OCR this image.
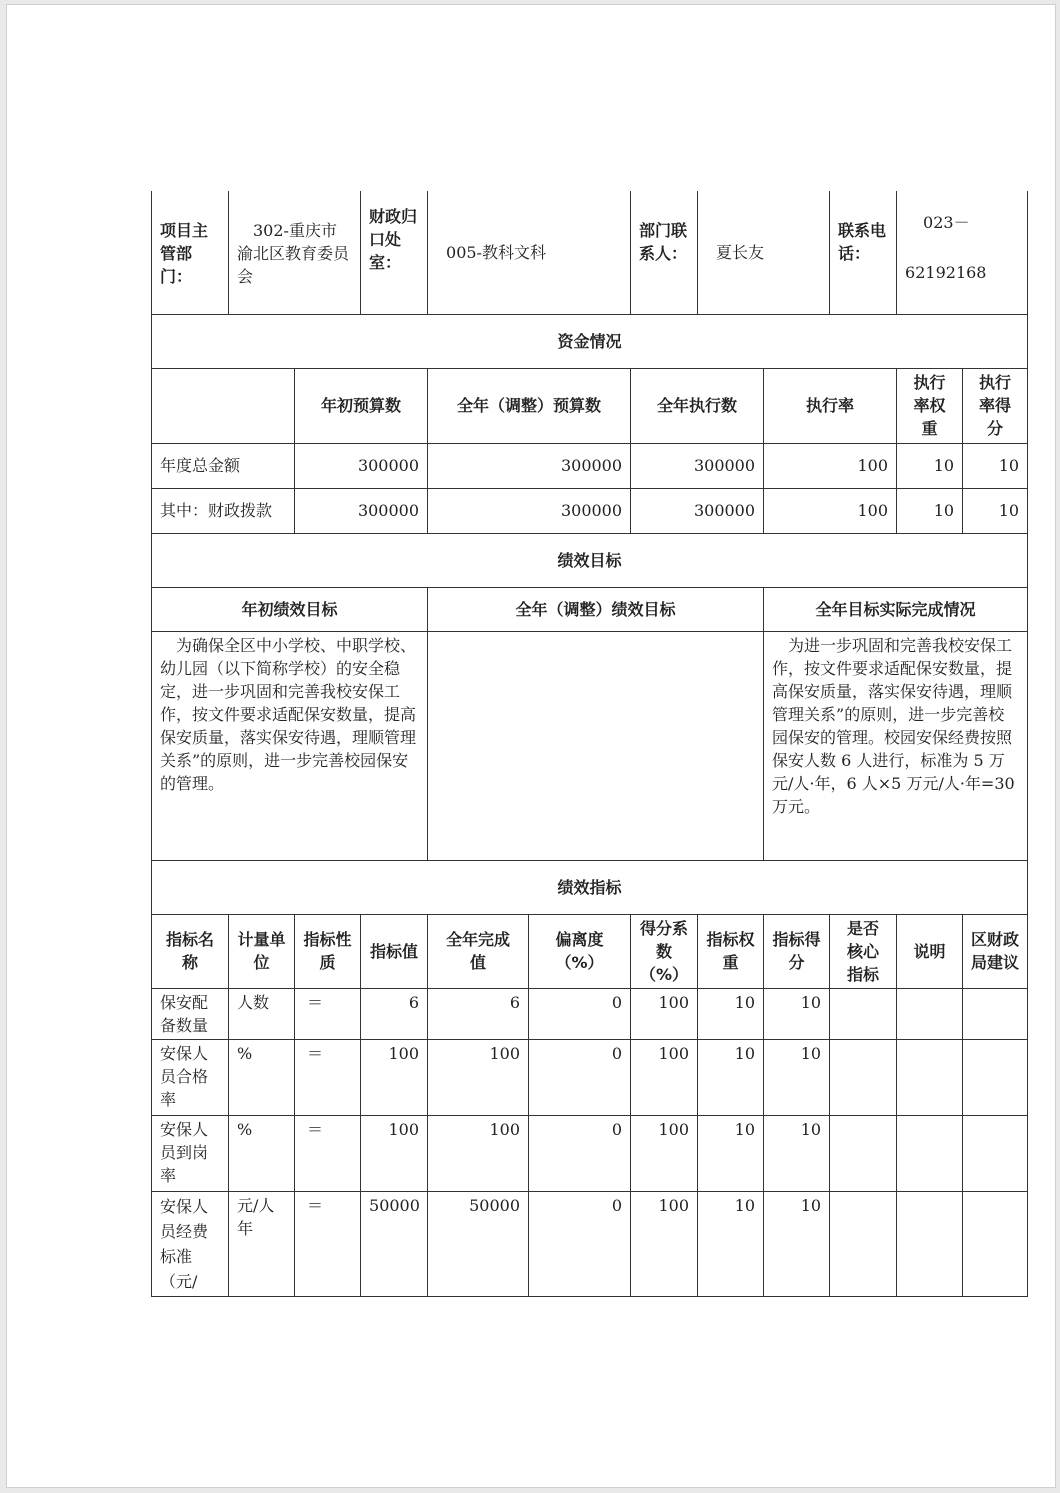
项目主管部门：	302-重庆市渝北区教育委员会		财政归口处室：	005-教科文科		部门联系人：	夏长友		联系电话：	023－
62192168	

资金情况											
		年初预算数		全年（调整）预算数		全年执行数		执行率		执行率权重	执行率得分
年度总金额		300000		300000		300000		100		10	10
其中：财政拨款		300000		300000		300000		100		10	10
绩效目标											
年初绩效目标				全年（调整）绩效目标				全年目标实际完成情况			
为确保全区中小学校、中职学校、幼儿园（以下简称学校）的安全稳定，进一步巩固和完善我校安保工作，按文件要求适配保安数量，提高保安质量，落实保安待遇，理顺管理关系”的原则，进一步完善校园保安的管理。								为进一步巩固和完善我校安保工作，按文件要求适配保安数量，提高保安质量，落实保安待遇，理顺管理关系”的原则，进一步完善校园保安的管理。校园安保经费按照保安人数 6 人进行，标准为 5 万元/人·年，6 人×5 万元/人·年=30 万元。			
绩效指标											
指标名称	计量单位	指标性质	指标值	全年完成值	偏离度（%）	得分系数（%）	指标权重	指标得分	是否核心指标	说明	区财政局建议
保安配备数量	人数	＝	6	6	0	100	10	10			
安保人员合格率	%	＝	100	100	0	100	10	10			
安保人员到岗率	%	＝	100	100	0	100	10	10			
安保人员经费标准（元/	元/人年	＝	50000	50000	0	100	10	10			
